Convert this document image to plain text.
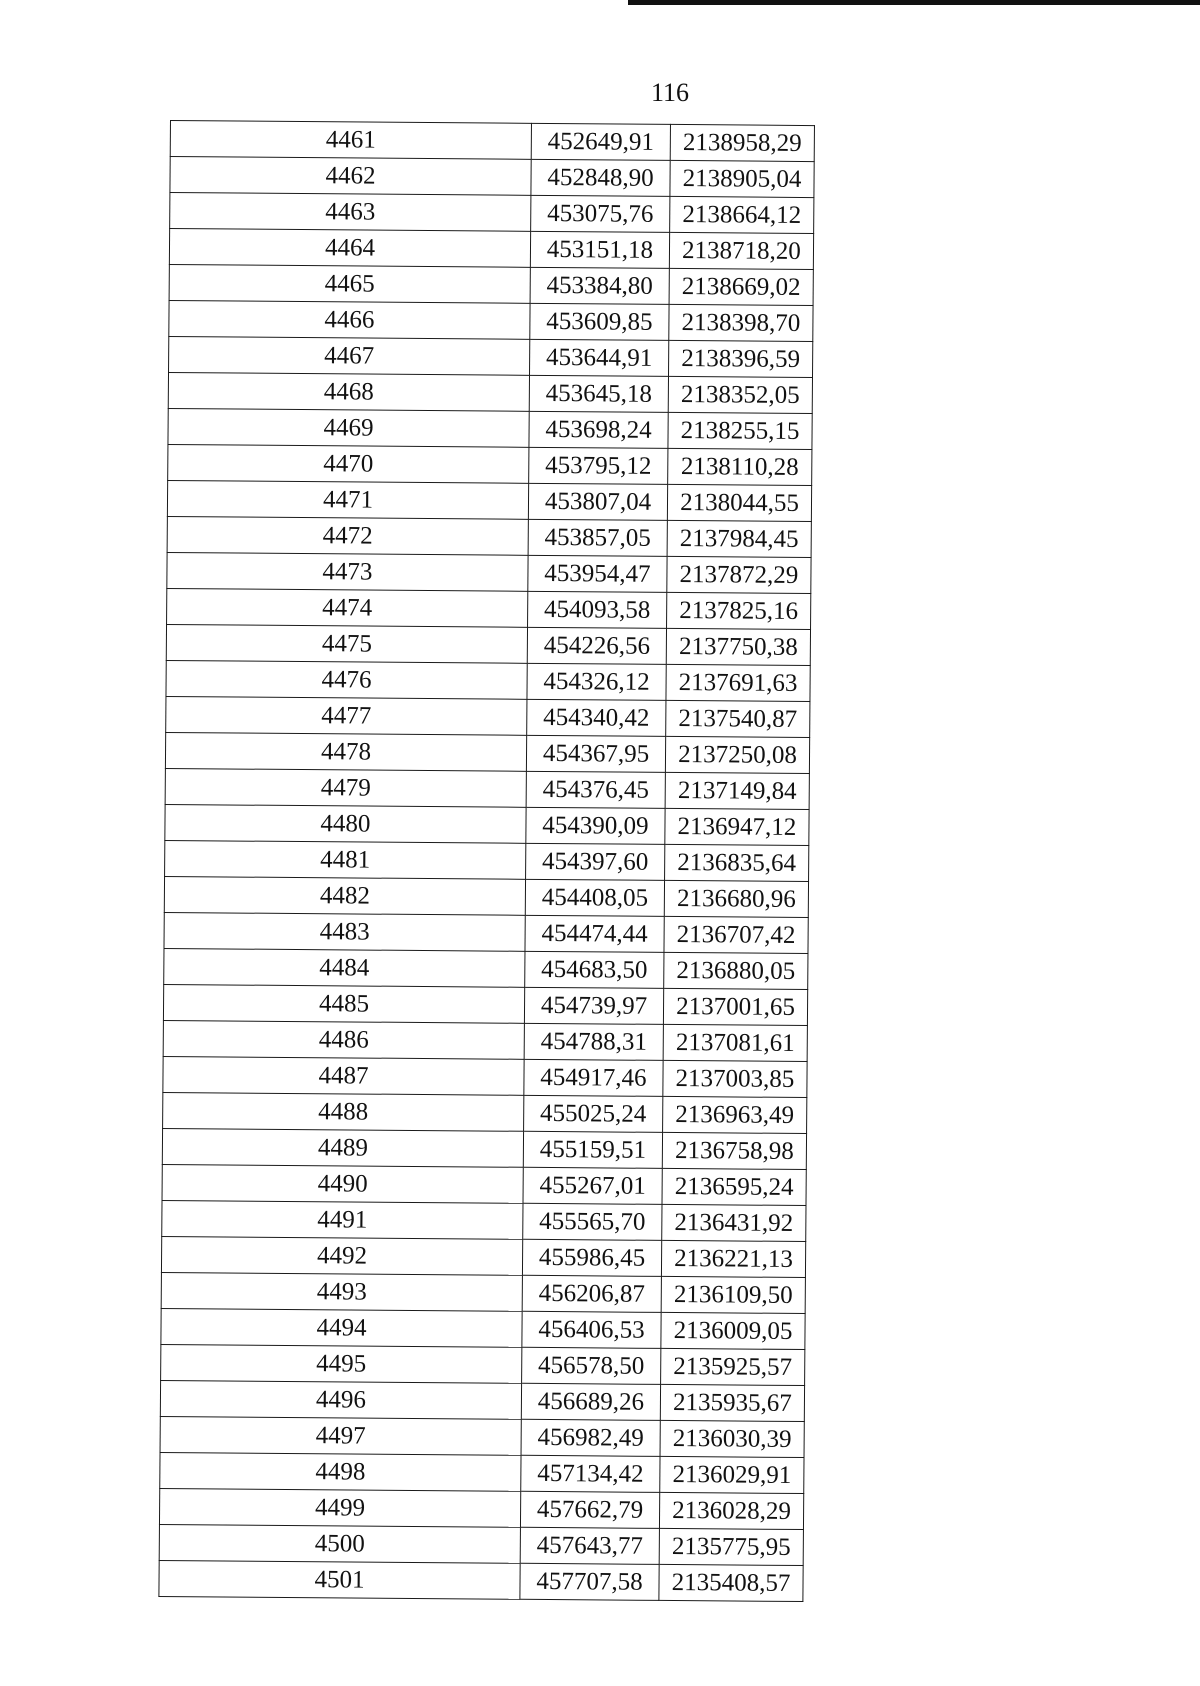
116
4461	452649,91	2138958,29
4462	452848,90	2138905,04
4463	453075,76	2138664,12
4464	453151,18	2138718,20
4465	453384,80	2138669,02
4466	453609,85	2138398,70
4467	453644,91	2138396,59
4468	453645,18	2138352,05
4469	453698,24	2138255,15
4470	453795,12	2138110,28
4471	453807,04	2138044,55
4472	453857,05	2137984,45
4473	453954,47	2137872,29
4474	454093,58	2137825,16
4475	454226,56	2137750,38
4476	454326,12	2137691,63
4477	454340,42	2137540,87
4478	454367,95	2137250,08
4479	454376,45	2137149,84
4480	454390,09	2136947,12
4481	454397,60	2136835,64
4482	454408,05	2136680,96
4483	454474,44	2136707,42
4484	454683,50	2136880,05
4485	454739,97	2137001,65
4486	454788,31	2137081,61
4487	454917,46	2137003,85
4488	455025,24	2136963,49
4489	455159,51	2136758,98
4490	455267,01	2136595,24
4491	455565,70	2136431,92
4492	455986,45	2136221,13
4493	456206,87	2136109,50
4494	456406,53	2136009,05
4495	456578,50	2135925,57
4496	456689,26	2135935,67
4497	456982,49	2136030,39
4498	457134,42	2136029,91
4499	457662,79	2136028,29
4500	457643,77	2135775,95
4501	457707,58	2135408,57
